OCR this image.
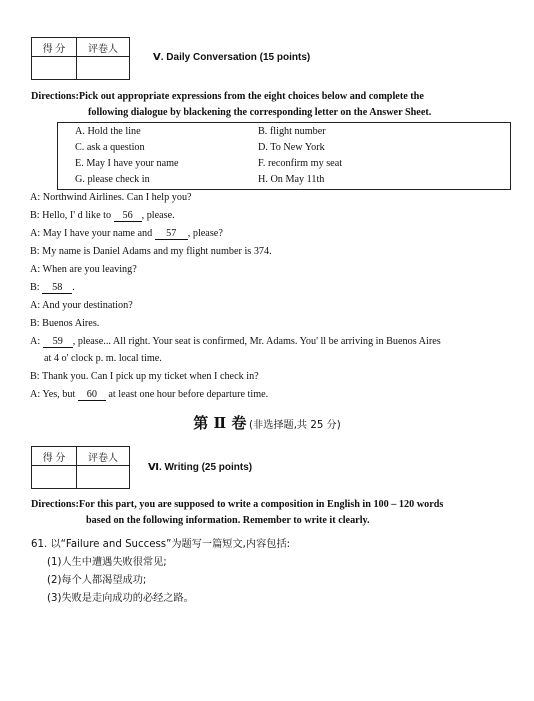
得 分	评卷人

Ⅴ. Daily Conversation (15 points)
Directions:Pick out appropriate expressions from the eight choices below and complete the
following dialogue by blackening the corresponding letter on the Answer Sheet.
A. Hold the line	B. flight number
C. ask a question	D. To New York
E. May I have your name	F. reconfirm my seat
G. please check in	H. On May 11th
A: Northwind Airlines. Can I help you?
B: Hello, I' d like to 56 , please.
A: May I have your name and 57 , please?
B: My name is Daniel Adams and my flight number is 374.
A: When are you leaving?
B: 58 .
A: And your destination?
B: Buenos Aires.
A: 59 , please... All right. Your seat is confirmed, Mr. Adams. You' ll be arriving in Buenos Aires
at 4 o' clock p. m. local time.
B: Thank you. Can I pick up my ticket when I check in?
A: Yes, but 60 at least one hour before departure time.
第 Ⅱ 卷 (非选择题,共 25 分)
得 分	评卷人

Ⅵ. Writing (25 points)
Directions:For this part, you are supposed to write a composition in English in 100 – 120 words
based on the following information. Remember to write it clearly.
61. 以“Failure and Success”为题写一篇短文,内容包括:
(1)人生中遭遇失败很常见;
(2)每个人都渴望成功;
(3)失败是走向成功的必经之路。
